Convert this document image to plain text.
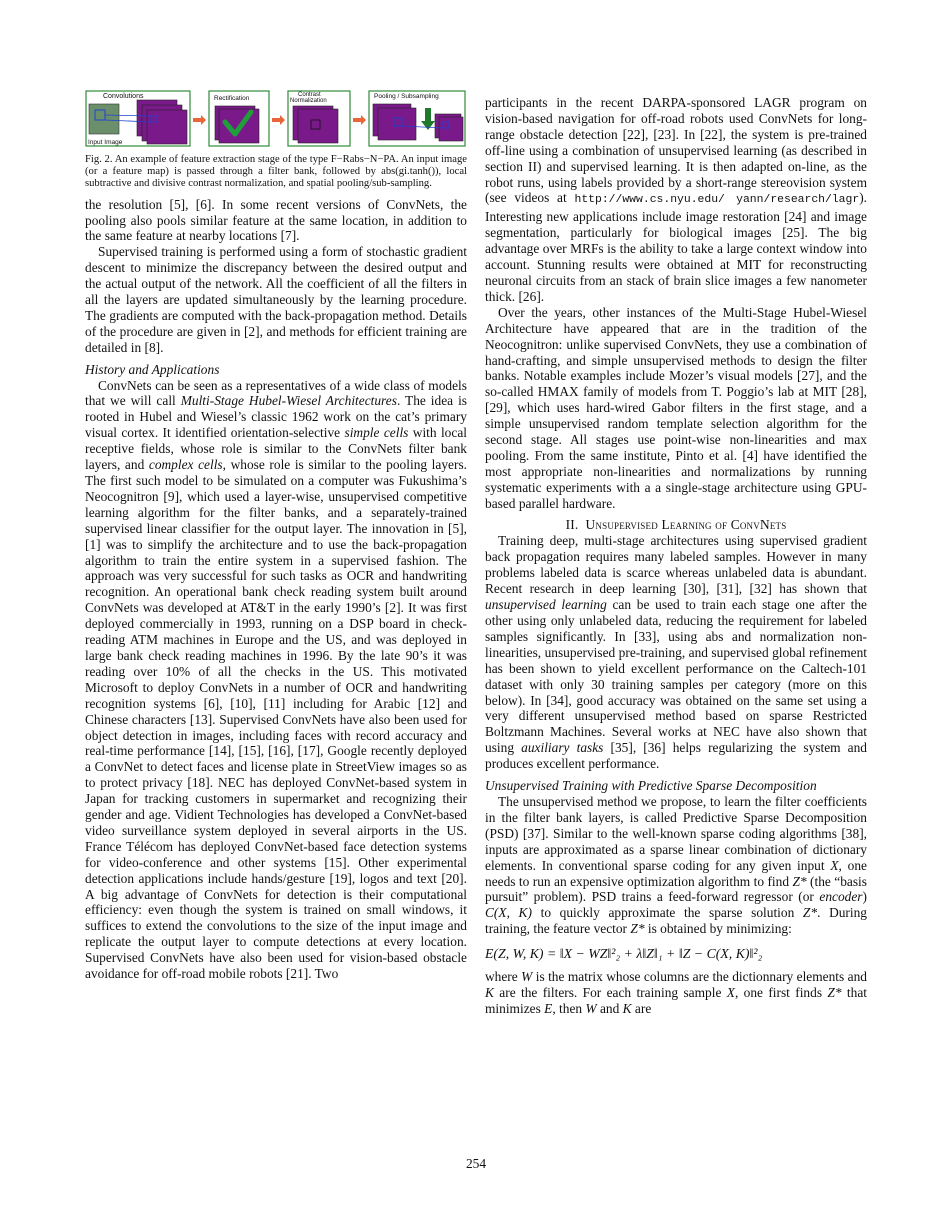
Convolutions
Input Image
Rectification	Contrast Normalization
Pooling / Subsampling
Fig. 2. An example of feature extraction stage of the type F−Rabs−N−PA. An input image (or a feature map) is passed through a filter bank, followed by abs(gi.tanh()), local subtractive and divisive contrast normalization, and spatial pooling/sub-sampling.

the resolution [5], [6]. In some recent versions of ConvNets, the pooling also pools similar feature at the same location, in addition to the same feature at nearby locations [7].

Supervised training is performed using a form of stochastic gradient descent to minimize the discrepancy between the desired output and the actual output of the network. All the coefficient of all the filters in all the layers are updated simultaneously by the learning procedure. The gradients are computed with the back-propagation method. Details of the procedure are given in [2], and methods for efficient training are detailed in [8].

History and Applications

ConvNets can be seen as a representatives of a wide class of models that we will call Multi-Stage Hubel-Wiesel Architectures. The idea is rooted in Hubel and Wiesel’s classic 1962 work on the cat’s primary visual cortex. It identified orientation-selective simple cells with local receptive fields, whose role is similar to the ConvNets filter bank layers, and complex cells, whose role is similar to the pooling layers. The first such model to be simulated on a computer was Fukushima’s Neocognitron [9], which used a layer-wise, unsupervised competitive learning algorithm for the filter banks, and a separately-trained supervised linear classifier for the output layer. The innovation in [5], [1] was to simplify the architecture and to use the back-propagation algorithm to train the entire system in a supervised fashion. The approach was very successful for such tasks as OCR and handwriting recognition. An operational bank check reading system built around ConvNets was developed at AT&T in the early 1990’s [2]. It was first deployed commercially in 1993, running on a DSP board in check-reading ATM machines in Europe and the US, and was deployed in large bank check reading machines in 1996. By the late 90’s it was reading over 10% of all the checks in the US. This motivated Microsoft to deploy ConvNets in a number of OCR and handwriting recognition systems [6], [10], [11] including for Arabic [12] and Chinese characters [13]. Supervised ConvNets have also been used for object detection in images, including faces with record accuracy and real-time performance [14], [15], [16], [17], Google recently deployed a ConvNet to detect faces and license plate in StreetView images so as to protect privacy [18]. NEC has deployed ConvNet-based system in Japan for tracking customers in supermarket and recognizing their gender and age. Vidient Technologies has developed a ConvNet-based video surveillance system deployed in several airports in the US. France Télécom has deployed ConvNet-based face detection systems for video-conference and other systems [15]. Other experimental detection applications include hands/gesture [19], logos and text [20]. A big advantage of ConvNets for detection is their computational efficiency: even though the system is trained on small windows, it suffices to extend the convolutions to the size of the input image and replicate the output layer to compute detections at every location. Supervised ConvNets have also been used for vision-based obstacle avoidance for off-road mobile robots [21]. Two

participants in the recent DARPA-sponsored LAGR program on vision-based navigation for off-road robots used ConvNets for long-range obstacle detection [22], [23]. In [22], the system is pre-trained off-line using a combination of unsupervised learning (as described in section II) and supervised learning. It is then adapted on-line, as the robot runs, using labels provided by a short-range stereovision system (see videos at http://www.cs.nyu.edu/ yann/research/lagr). Interesting new applications include image restoration [24] and image segmentation, particularly for biological images [25]. The big advantage over MRFs is the ability to take a large context window into account. Stunning results were obtained at MIT for reconstructing neuronal circuits from an stack of brain slice images a few nanometer thick. [26].

Over the years, other instances of the Multi-Stage Hubel-Wiesel Architecture have appeared that are in the tradition of the Neocognitron: unlike supervised ConvNets, they use a combination of hand-crafting, and simple unsupervised methods to design the filter banks. Notable examples include Mozer’s visual models [27], and the so-called HMAX family of models from T. Poggio’s lab at MIT [28], [29], which uses hard-wired Gabor filters in the first stage, and a simple unsupervised random template selection algorithm for the second stage. All stages use point-wise non-linearities and max pooling. From the same institute, Pinto et al. [4] have identified the most appropriate non-linearities and normalizations by running systematic experiments with a a single-stage architecture using GPU-based parallel hardware.

II. Unsupervised Learning of ConvNets

Training deep, multi-stage architectures using supervised gradient back propagation requires many labeled samples. However in many problems labeled data is scarce whereas unlabeled data is abundant. Recent research in deep learning [30], [31], [32] has shown that unsupervised learning can be used to train each stage one after the other using only unlabeled data, reducing the requirement for labeled samples significantly. In [33], using abs and normalization non-linearities, unsupervised pre-training, and supervised global refinement has been shown to yield excellent performance on the Caltech-101 dataset with only 30 training samples per category (more on this below). In [34], good accuracy was obtained on the same set using a very different unsupervised method based on sparse Restricted Boltzmann Machines. Several works at NEC have also shown that using auxiliary tasks [35], [36] helps regularizing the system and produces excellent performance.

Unsupervised Training with Predictive Sparse Decomposition

The unsupervised method we propose, to learn the filter coefficients in the filter bank layers, is called Predictive Sparse Decomposition (PSD) [37]. Similar to the well-known sparse coding algorithms [38], inputs are approximated as a sparse linear combination of dictionary elements. In conventional sparse coding for any given input X, one needs to run an expensive optimization algorithm to find Z* (the “basis pursuit” problem). PSD trains a feed-forward regressor (or encoder) C(X, K) to quickly approximate the sparse solution Z*. During training, the feature vector Z* is obtained by minimizing:

E(Z, W, K) = ‖X − WZ‖²₂ + λ‖Z‖₁ + ‖Z − C(X, K)‖²₂

where W is the matrix whose columns are the dictionnary elements and K are the filters. For each training sample X, one first finds Z* that minimizes E, then W and K are

254
